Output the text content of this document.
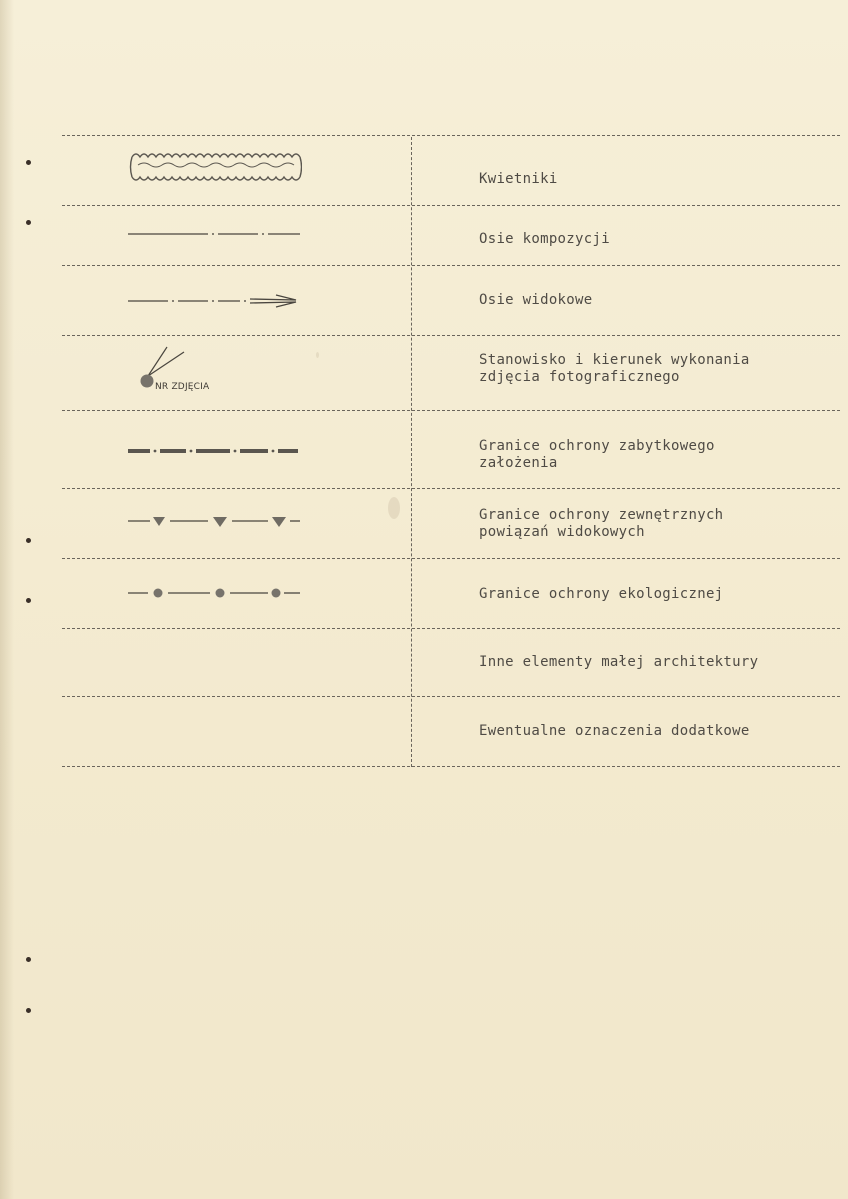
Kwietniki
Osie kompozycji
Osie widokowe
NR ZDJĘCIA
Stanowisko i kierunek wykonania
zdjęcia fotograficznego
Granice ochrony zabytkowego
założenia
Granice ochrony zewnętrznych
powiązań widokowych
Granice ochrony ekologicznej
Inne elementy małej architektury
Ewentualne oznaczenia dodatkowe
